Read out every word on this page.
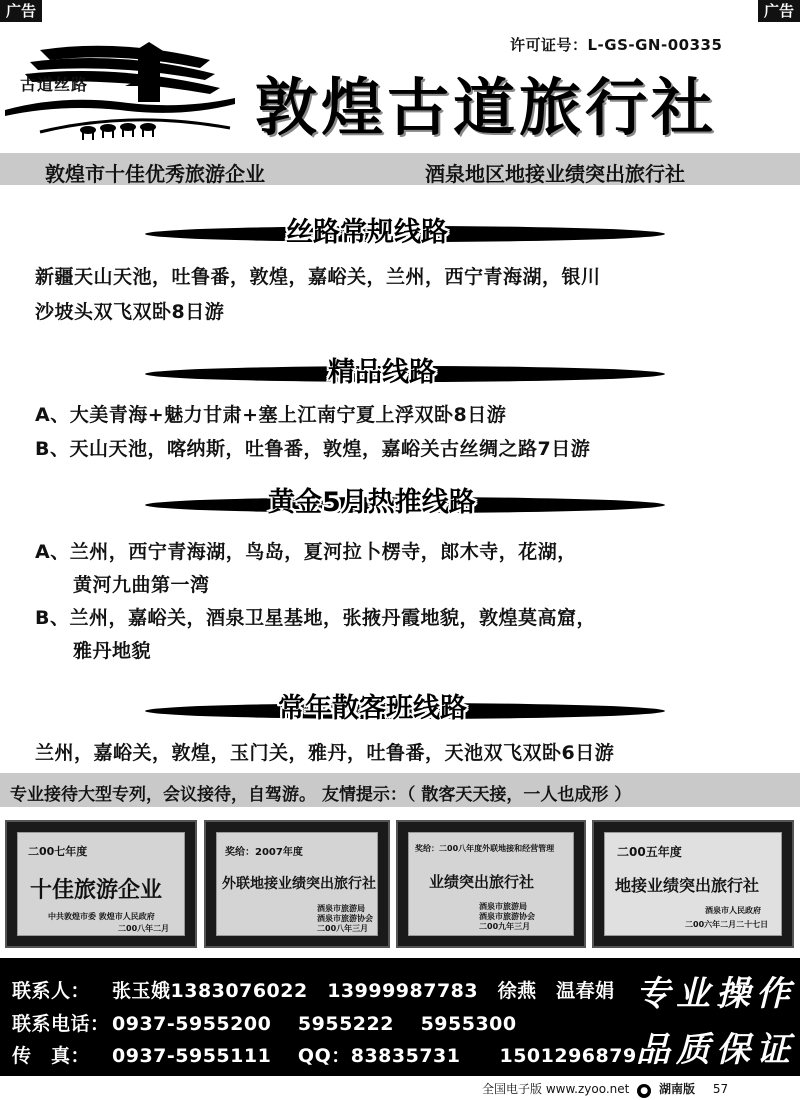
广告	广告
许可证号：L-GS-GN-00335
古道丝路	敦煌古道旅行社
敦煌市十佳优秀旅游企业	酒泉地区地接业绩突出旅行社
丝路常规线路
新疆天山天池，吐鲁番，敦煌，嘉峪关，兰州，西宁青海湖，银川
沙坡头双飞双卧8日游
精品线路
A、大美青海+魅力甘肃+塞上江南宁夏上浮双卧8日游
B、天山天池，喀纳斯，吐鲁番，敦煌，嘉峪关古丝绸之路7日游
黄金5月热推线路
A、兰州，西宁青海湖，鸟岛，夏河拉卜楞寺，郎木寺，花湖，
黄河九曲第一湾
B、兰州，嘉峪关，酒泉卫星基地，张掖丹霞地貌，敦煌莫高窟，
雅丹地貌
常年散客班线路
兰州，嘉峪关，敦煌，玉门关，雅丹，吐鲁番，天池双飞双卧6日游
专业接待大型专列，会议接待，自驾游。 友情提示：（ 散客天天接，一人也成形 ）
二00七年度
十佳旅游企业
中共敦煌市委 敦煌市人民政府
二00八年二月
奖给：2007年度
外联地接业绩突出旅行社
酒泉市旅游局
酒泉市旅游协会
二00八年三月
奖给：二00八年度外联地接和经营管理
业绩突出旅行社
酒泉市旅游局
酒泉市旅游协会
二00九年三月
二00五年度
地接业绩突出旅行社
酒泉市人民政府
二00六年二月二十七日
联系人： 张玉娥1383076022　13999987783　徐燕　温春娟
联系电话： 0937-5955200　 5955222　 5955300
传　真： 0937-5955111　 QQ：83835731　　1501296879
专业操作
品质保证
全国电子版 www.zyoo.net ● 湖南版 57
